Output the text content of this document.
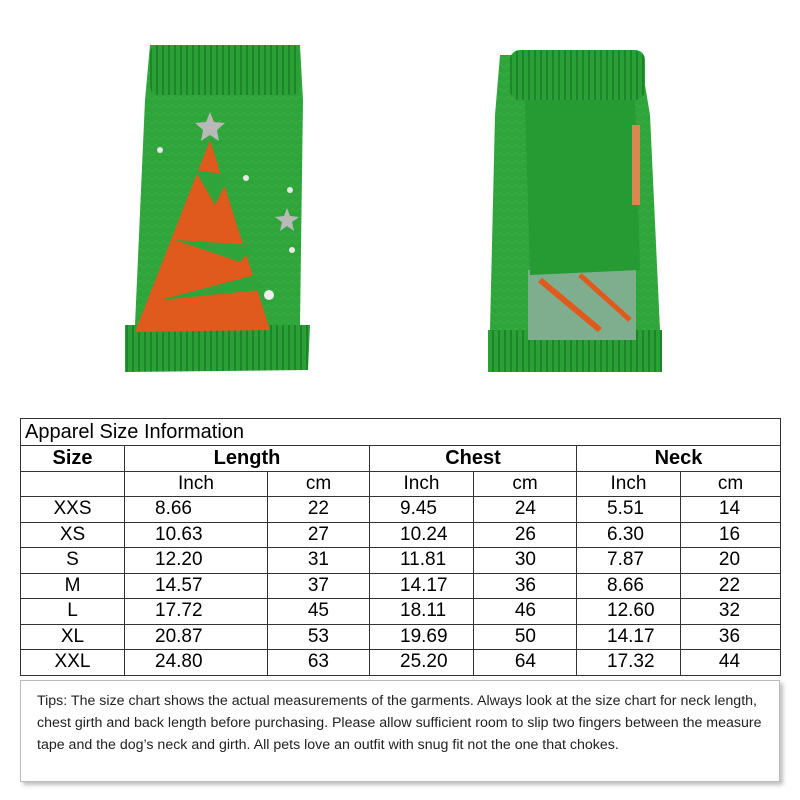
Apparel Size Information						
Size	Length		Chest		Neck	
	Inch	cm	Inch	cm	Inch	cm
XXS	8.66	22	9.45	24	5.51	14
XS	10.63	27	10.24	26	6.30	16
S	12.20	31	11.81	30	7.87	20
M	14.57	37	14.17	36	8.66	22
L	17.72	45	18.11	46	12.60	32
XL	20.87	53	19.69	50	14.17	36
XXL	24.80	63	25.20	64	17.32	44
Tips: The size chart shows the actual measurements of the garments. Always look at the size chart for neck length, chest girth and back length before purchasing. Please allow sufficient room to slip two fingers between the measure tape and the dog’s neck and girth. All pets love an outfit with snug fit not the one that chokes.
